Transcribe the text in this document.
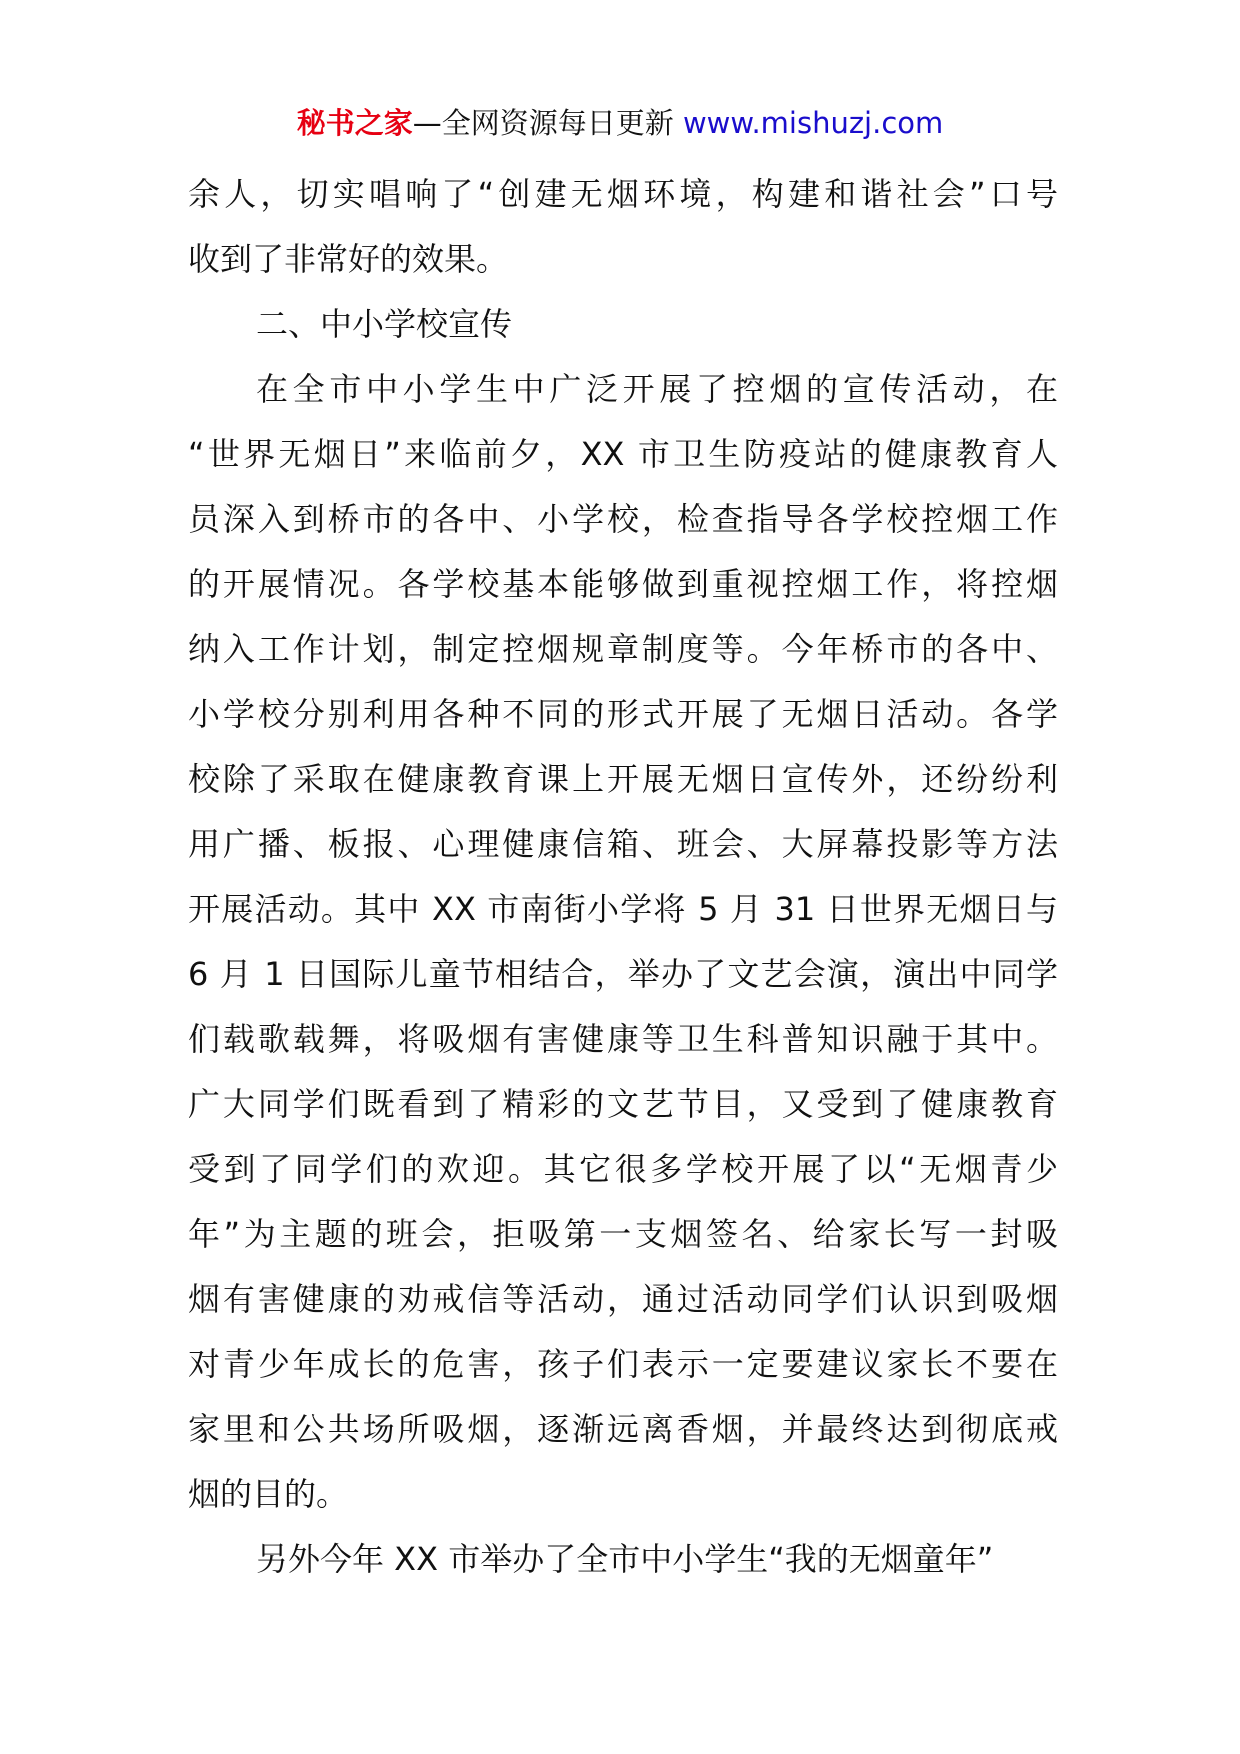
秘书之家—全网资源每日更新 www.mishuzj.com
余人，切实唱响了“创建无烟环境，构建和谐社会”口号
收到了非常好的效果。
二、中小学校宣传
在全市中小学生中广泛开展了控烟的宣传活动，在
“世界无烟日”来临前夕，XX 市卫生防疫站的健康教育人
员深入到桥市的各中、小学校，检查指导各学校控烟工作
的开展情况。各学校基本能够做到重视控烟工作，将控烟
纳入工作计划，制定控烟规章制度等。今年桥市的各中、
小学校分别利用各种不同的形式开展了无烟日活动。各学
校除了采取在健康教育课上开展无烟日宣传外，还纷纷利
用广播、板报、心理健康信箱、班会、大屏幕投影等方法
开展活动。其中 XX 市南街小学将 5 月 31 日世界无烟日与
6 月 1 日国际儿童节相结合，举办了文艺会演，演出中同学
们载歌载舞，将吸烟有害健康等卫生科普知识融于其中。
广大同学们既看到了精彩的文艺节目，又受到了健康教育
受到了同学们的欢迎。其它很多学校开展了以“无烟青少
年”为主题的班会，拒吸第一支烟签名、给家长写一封吸
烟有害健康的劝戒信等活动，通过活动同学们认识到吸烟
对青少年成长的危害，孩子们表示一定要建议家长不要在
家里和公共场所吸烟，逐渐远离香烟，并最终达到彻底戒
烟的目的。
另外今年 XX 市举办了全市中小学生“我的无烟童年”
